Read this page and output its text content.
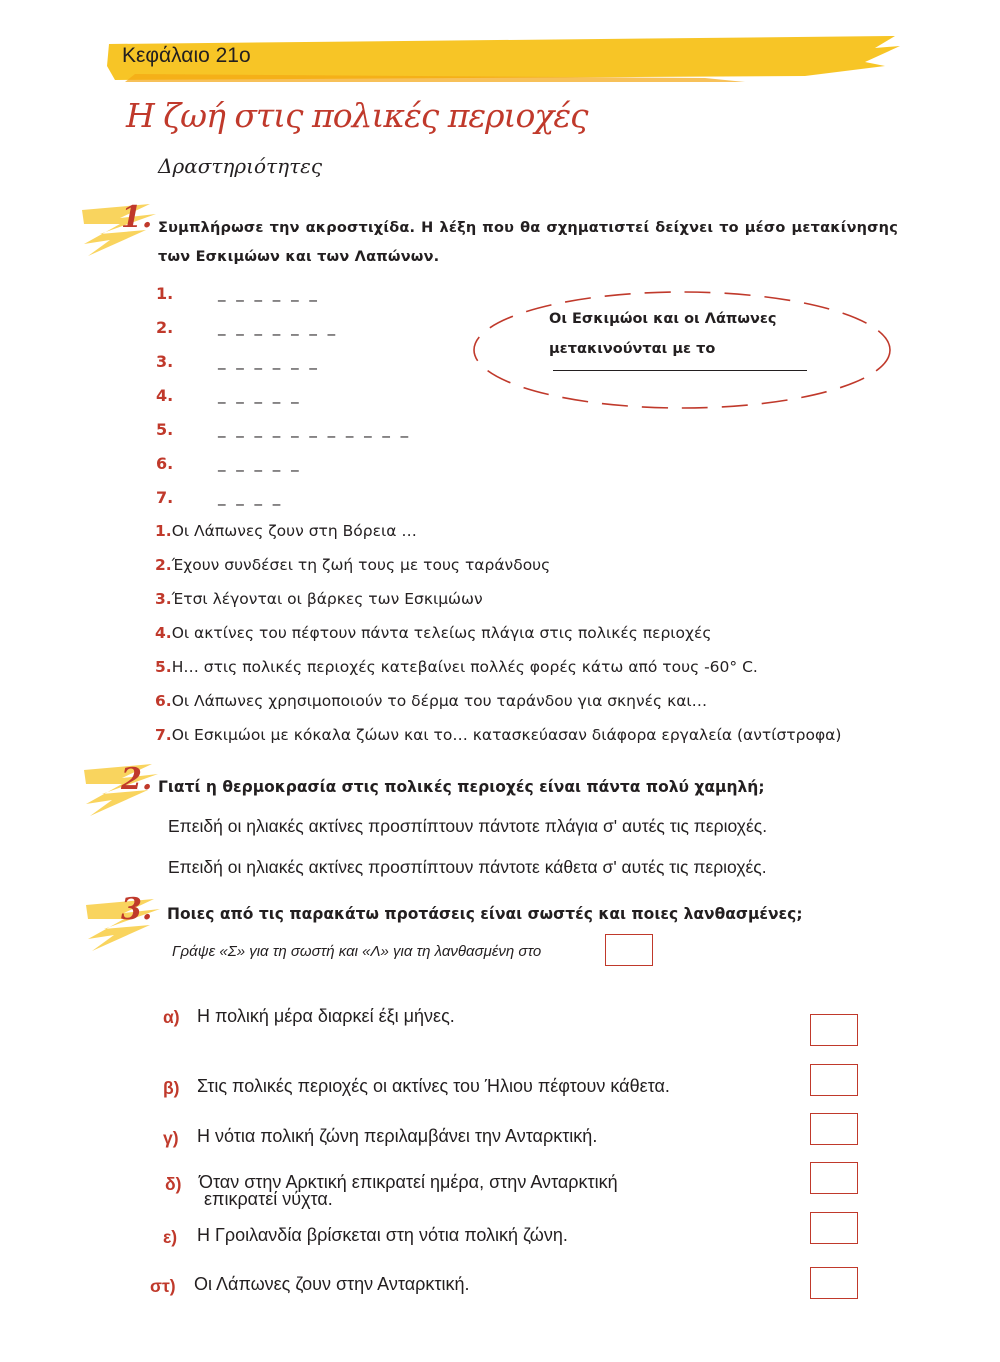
Κεφάλαιο 21ο
Η ζωή στις πολικές περιοχές
Δραστηριότητες
1. Συμπλήρωσε την ακροστιχίδα. Η λέξη που θα σχηματιστεί δείχνει το μέσο μετακίνησης των Εσκιμώων και των Λαπώνων.
1.	_ _ _ _ _ _
2.	_ _ _ _ _ _ _
3.	_ _ _ _ _ _
4.	_ _ _ _ _
5.	_ _ _ _ _ _ _ _ _ _ _
6.	_ _ _ _ _
7.	_ _ _ _
Οι Εσκιμώοι και οι Λάπωνες
μετακινούνται με το
1.Οι Λάπωνες ζουν στη Βόρεια …
2.Έχουν συνδέσει τη ζωή τους με τους ταράνδους
3.Έτσι λέγονται οι βάρκες των Εσκιμώων
4.Οι ακτίνες του πέφτουν πάντα τελείως πλάγια στις πολικές περιοχές
5.Η… στις πολικές περιοχές κατεβαίνει πολλές φορές κάτω από τους -60° C.
6.Οι Λάπωνες χρησιμοποιούν το δέρμα του ταράνδου για σκηνές και…
7.Οι Εσκιμώοι με κόκαλα ζώων και το… κατασκεύασαν διάφορα εργαλεία (αντίστροφα)
2. Γιατί η θερμοκρασία στις πολικές περιοχές είναι πάντα πολύ χαμηλή;
Επειδή οι ηλιακές ακτίνες προσπίπτουν πάντοτε πλάγια σ' αυτές τις περιοχές.
Επειδή οι ηλιακές ακτίνες προσπίπτουν πάντοτε κάθετα σ' αυτές τις περιοχές.
3. Ποιες από τις παρακάτω προτάσεις είναι σωστές και ποιες λανθασμένες;
Γράψε «Σ» για τη σωστή και «Λ» για τη λανθασμένη στο
α) Η πολική μέρα διαρκεί έξι μήνες.
β) Στις πολικές περιοχές οι ακτίνες του Ήλιου πέφτουν κάθετα.
γ) Η νότια πολική ζώνη περιλαμβάνει την Ανταρκτική.
δ) Όταν στην Αρκτική επικρατεί ημέρα, στην Ανταρκτική
επικρατεί νύχτα.
ε) Η Γροιλανδία βρίσκεται στη νότια πολική ζώνη.
στ) Οι Λάπωνες ζουν στην Ανταρκτική.
